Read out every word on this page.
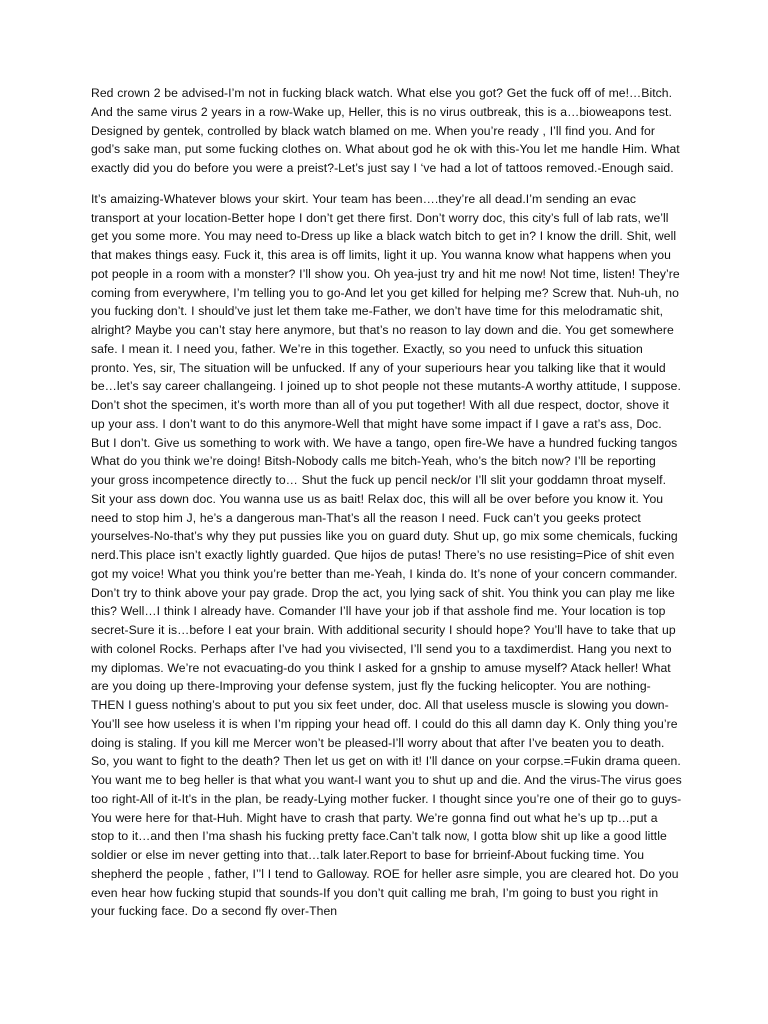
Red crown 2 be advised-I’m not in fucking black watch. What else you got? Get the fuck off of me!…Bitch. And the same virus 2 years in a row-Wake up, Heller, this is no virus outbreak, this is a…bioweapons test. Designed by gentek, controlled by black watch blamed on me. When you’re ready , I’ll find you. And for god’s sake man, put some fucking clothes on. What about god he ok with this-You let me handle Him. What exactly did you do before you were a preist?-Let’s just say I ‘ve had a lot of tattoos removed.-Enough said.

It’s amaizing-Whatever blows your skirt. Your team has been….they’re all dead.I’m sending an evac transport at your location-Better hope I don’t get there first. Don’t worry doc, this city’s full of lab rats, we’ll get you some more. You may need to-Dress up like a black watch bitch to get in? I know the drill. Shit, well that makes things easy. Fuck it, this area is off limits, light it up. You wanna know what happens when you pot people in a room with a monster? I’ll show you. Oh yea-just try and hit me now! Not time, listen! They’re coming from everywhere, I’m telling you to go-And let you get killed for helping me? Screw that. Nuh-uh, no you fucking don’t. I should’ve just let them take me-Father, we don’t have time for this melodramatic shit, alright? Maybe you can’t stay here anymore, but that’s no reason to lay down and die. You get somewhere safe. I mean it. I need you, father. We’re in this together. Exactly, so you need to unfuck this situation pronto. Yes, sir, The situation will be unfucked. If any of your superiours hear you talking like that it would be…let’s say career challangeing. I joined up to shot people not these mutants-A worthy attitude, I suppose. Don’t shot the specimen, it’s worth more than all of you put together! With all due respect, doctor, shove it up your ass. I don’t want to do this anymore-Well that might have some impact if I gave a rat’s ass, Doc. But I don’t. Give us something to work with. We have a tango, open fire-We have a hundred fucking tangos What do you think we’re doing! Bitsh-Nobody calls me bitch-Yeah, who’s the bitch now? I’ll be reporting your gross incompetence directly to… Shut the fuck up pencil neck/or I’ll slit your goddamn throat myself. Sit your ass down doc. You wanna use us as bait! Relax doc, this will all be over before you know it. You need to stop him J, he’s a dangerous man-That’s all the reason I need. Fuck can’t you geeks protect yourselves-No-that’s why they put pussies like you on guard duty. Shut up, go mix some chemicals, fucking nerd.This place isn’t exactly lightly guarded. Que hijos de putas! There’s no use resisting=Pice of shit even got my voice! What you think you’re better than me-Yeah, I kinda do. It’s none of your concern commander. Don’t try to think above your pay grade. Drop the act, you lying sack of shit. You think you can play me like this? Well…I think I already have. Comander I’ll have your job if that asshole find me. Your location is top secret-Sure it is…before I eat your brain. With additional security I should hope? You’ll have to take that up with colonel Rocks. Perhaps after I’ve had you vivisected, I’ll send you to a taxdimerdist. Hang you next to my diplomas. We’re not evacuating-do you think I asked for a gnship to amuse myself? Atack heller! What are you doing up there-Improving your defense system, just fly the fucking helicopter. You are nothing-THEN I guess nothing’s about to put you six feet under, doc. All that useless muscle is slowing you down-You’ll see how useless it is when I’m ripping your head off. I could do this all damn day K. Only thing you’re doing is staling. If you kill me Mercer won’t be pleased-I’ll worry about that after I’ve beaten you to death. So, you want to fight to the death? Then let us get on with it! I’ll dance on your corpse.=Fukin drama queen. You want me to beg heller is that what you want-I want you to shut up and die. And the virus-The virus goes too right-All of it-It’s in the plan, be ready-Lying mother fucker. I thought since you’re one of their go to guys-You were here for that-Huh. Might have to crash that party. We’re gonna find out what he’s up tp…put a stop to it…and then I’ma shash his fucking pretty face.Can’t talk now, I gotta blow shit up like a good little soldier or else im never getting into that…talk later.Report to base for brrieinf-About fucking time. You shepherd the people , father, I’’l I tend to Galloway. ROE for heller asre simple, you are cleared hot. Do you even hear how fucking stupid that sounds-If you don’t quit calling me brah, I’m going to bust you right in your fucking face. Do a second fly over-Then
